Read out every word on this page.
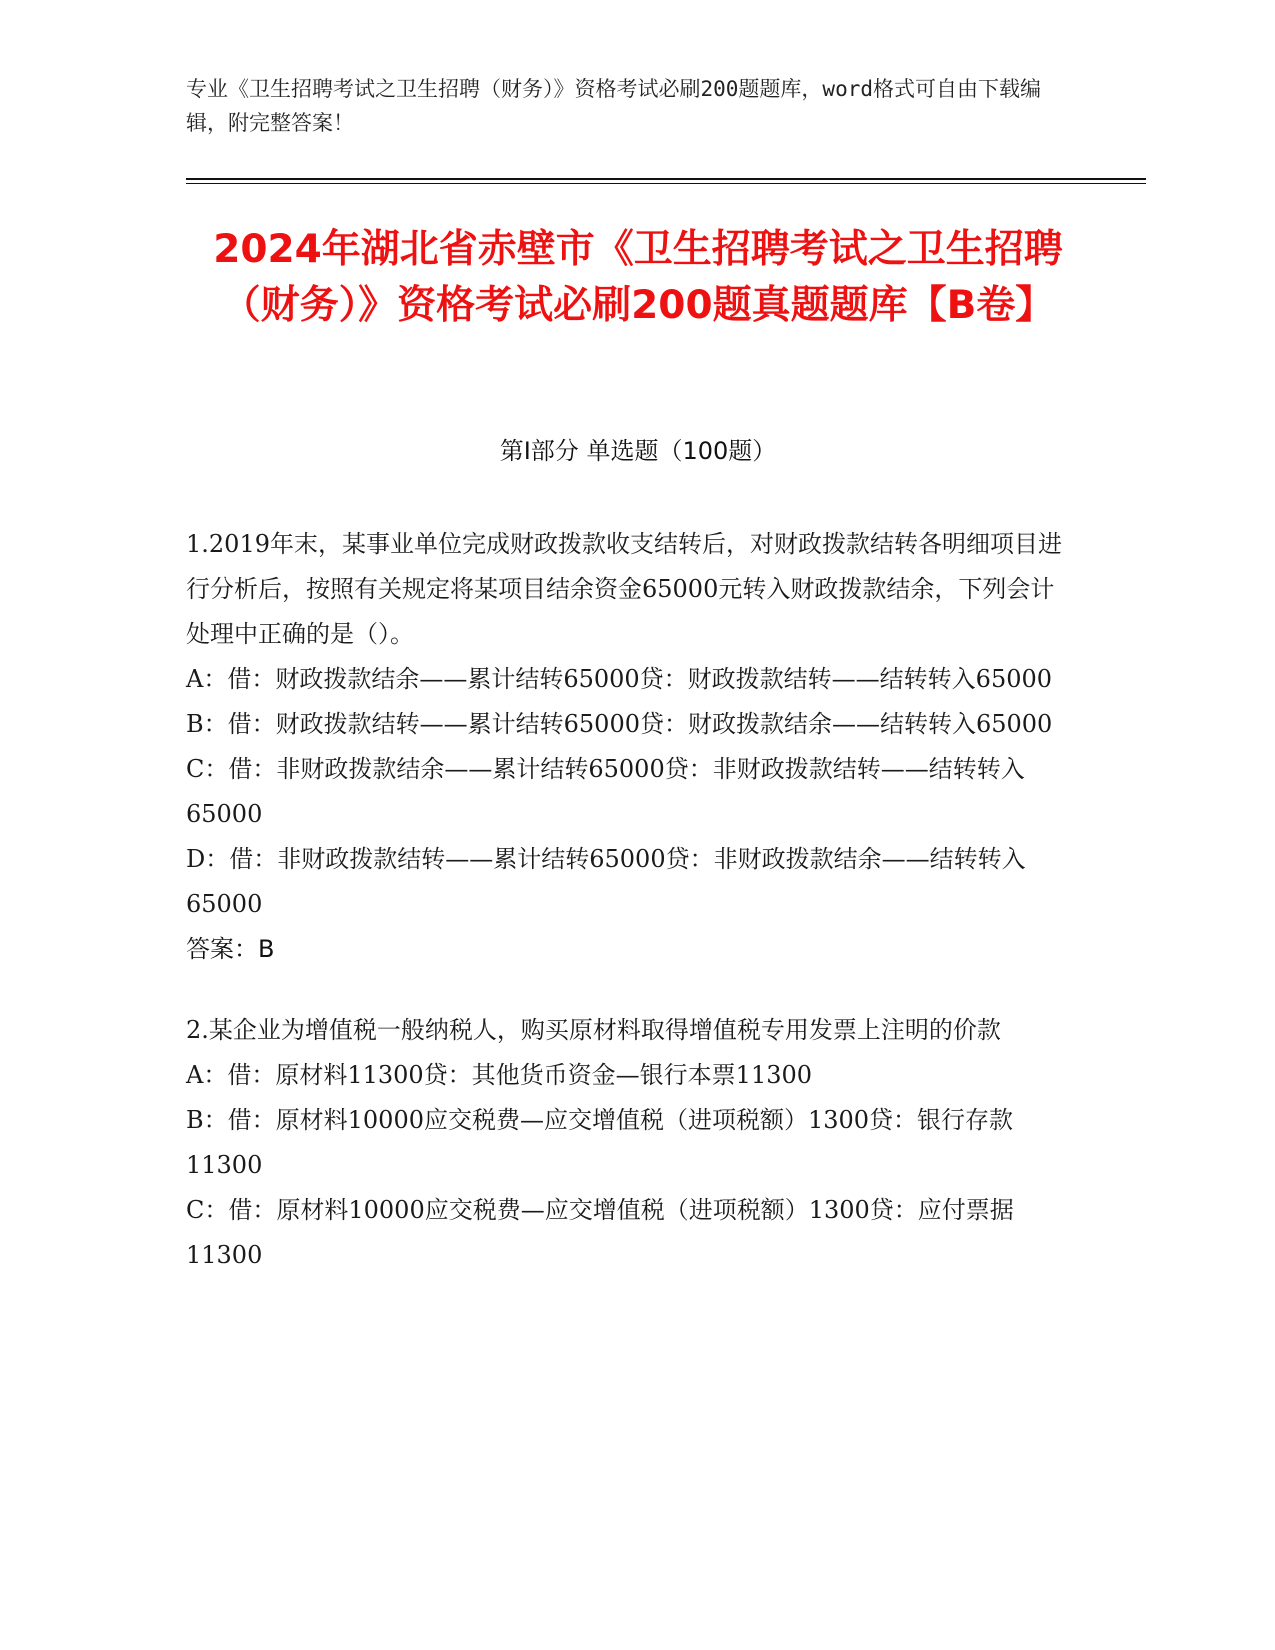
专业《卫生招聘考试之卫生招聘（财务）》资格考试必刷200题题库，word格式可自由下载编辑，附完整答案！
2024年湖北省赤壁市《卫生招聘考试之卫生招聘（财务）》资格考试必刷200题真题题库【B卷】
第I部分 单选题（100题）

1.2019年末，某事业单位完成财政拨款收支结转后，对财政拨款结转各明细项目进行分析后，按照有关规定将某项目结余资金65000元转入财政拨款结余，下列会计处理中正确的是（）。

A：借：财政拨款结余——累计结转65000贷：财政拨款结转——结转转入65000

B：借：财政拨款结转——累计结转65000贷：财政拨款结余——结转转入65000

C：借：非财政拨款结余——累计结转65000贷：非财政拨款结转——结转转入65000

D：借：非财政拨款结转——累计结转65000贷：非财政拨款结余——结转转入65000

答案：B

2.某企业为增值税一般纳税人，购买原材料取得增值税专用发票上注明的价款

A：借：原材料11300贷：其他货币资金—银行本票11300

B：借：原材料10000应交税费—应交增值税（进项税额）1300贷：银行存款11300

C：借：原材料10000应交税费—应交增值税（进项税额）1300贷：应付票据11300
